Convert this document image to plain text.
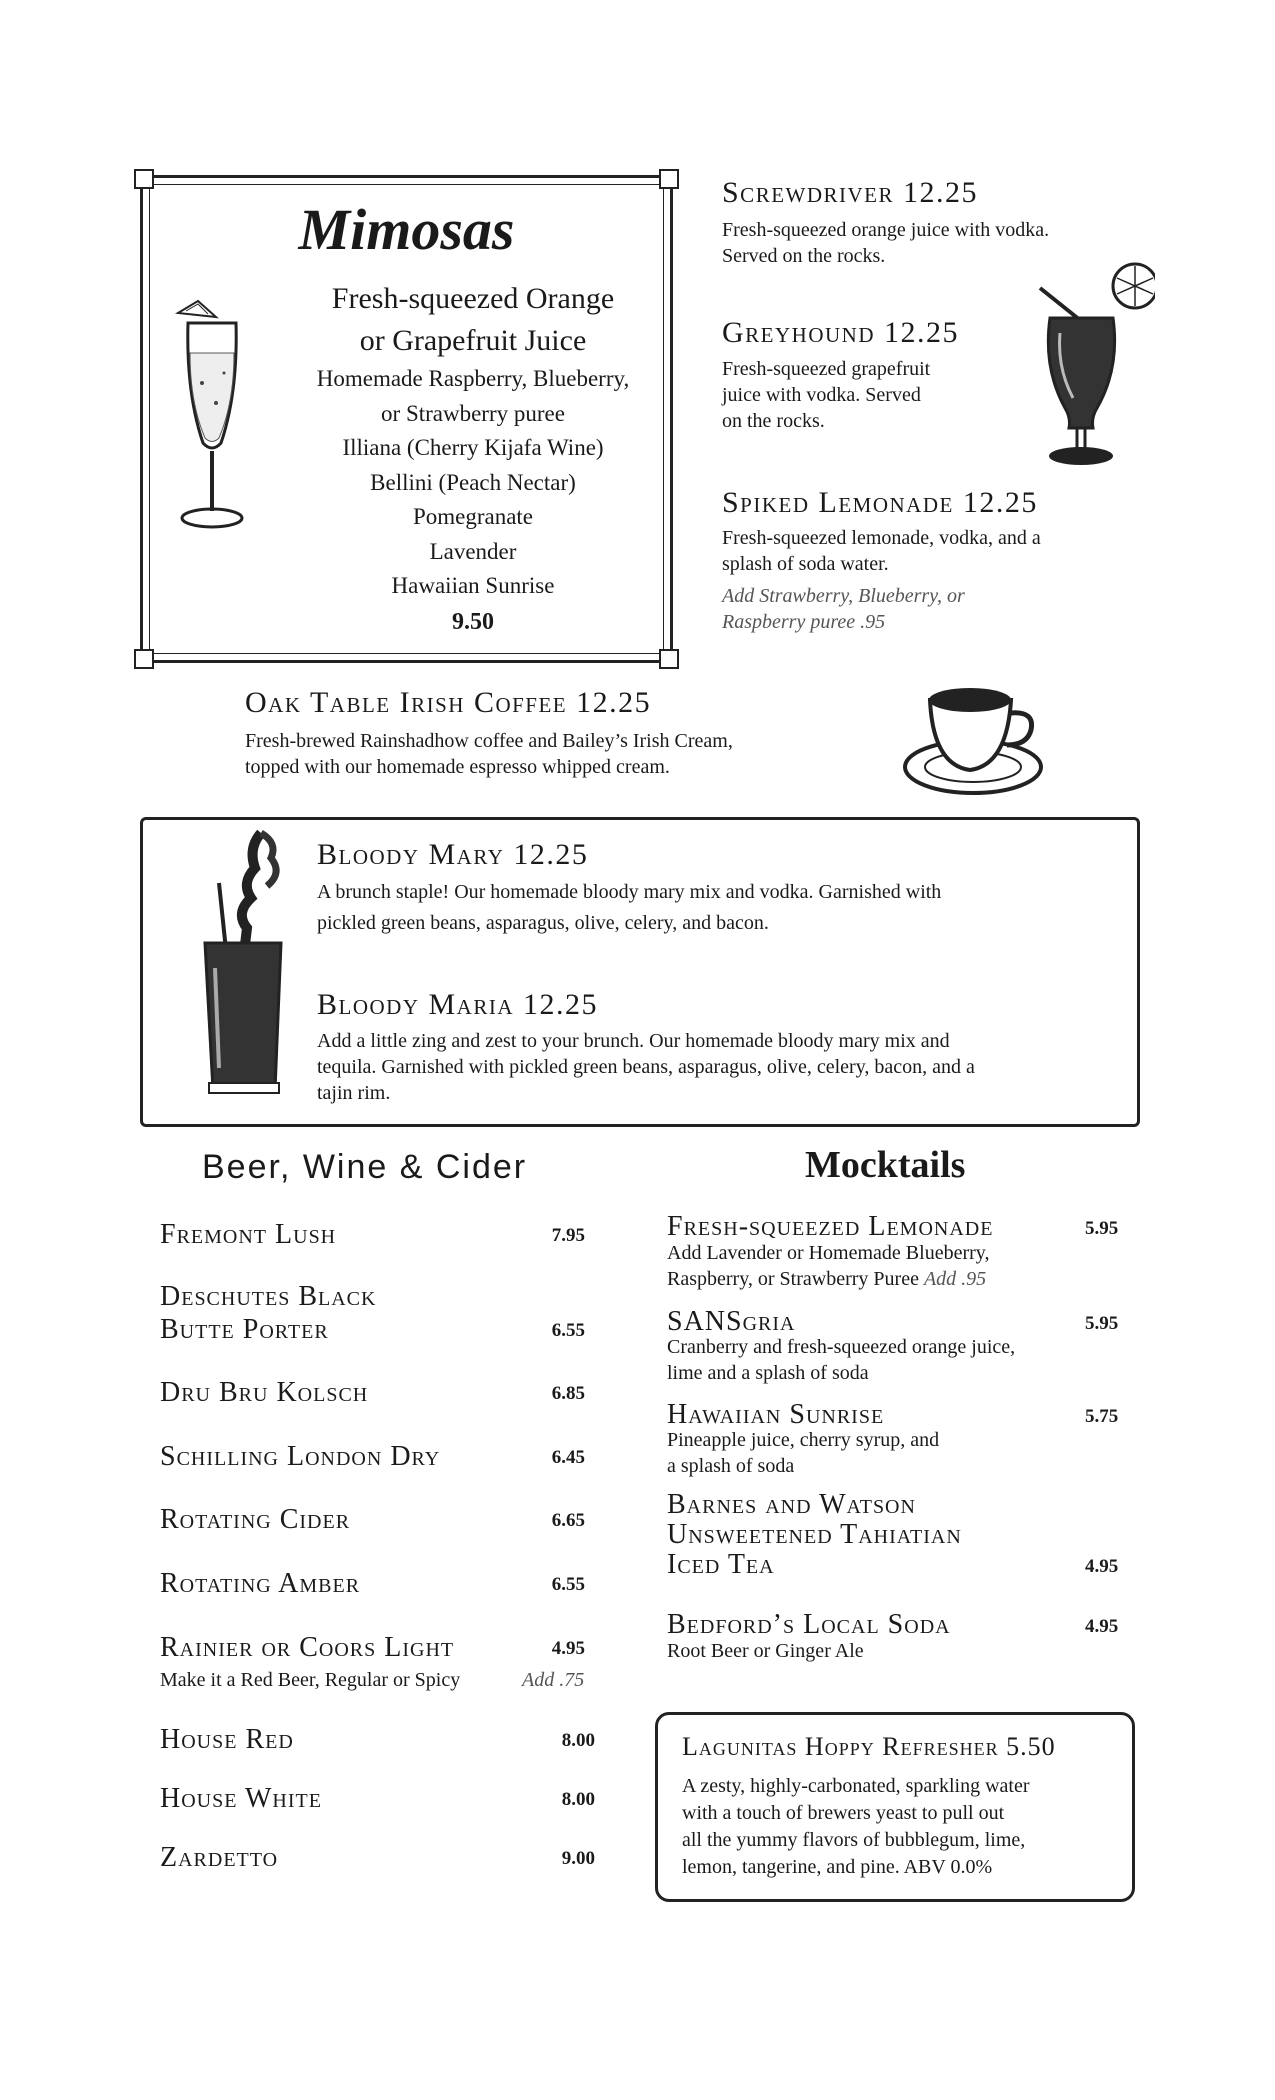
Mimosas
Fresh-squeezed Orange
or Grapefruit Juice
Homemade Raspberry, Blueberry,
or Strawberry puree
Illiana (Cherry Kijafa Wine)
Bellini (Peach Nectar)
Pomegranate
Lavender
Hawaiian Sunrise
9.50
Screwdriver 12.25
Fresh-squeezed orange juice with vodka.
Served on the rocks.
Greyhound 12.25
Fresh-squeezed grapefruit
juice with vodka. Served
on the rocks.
Spiked Lemonade 12.25
Fresh-squeezed lemonade, vodka, and a
splash of soda water.
Add Strawberry, Blueberry, or
Raspberry puree .95
Oak Table Irish Coffee 12.25
Fresh-brewed Rainshadhow coffee and Bailey’s Irish Cream,
topped with our homemade espresso whipped cream.
Bloody Mary 12.25
A brunch staple! Our homemade bloody mary mix and vodka. Garnished with
pickled green beans, asparagus, olive, celery, and bacon.
Bloody Maria 12.25
Add a little zing and zest to your brunch. Our homemade bloody mary mix and
tequila. Garnished with pickled green beans, asparagus, olive, celery, bacon, and a
tajin rim.
Beer, Wine & Cider
Fremont Lush	7.95
Deschutes Black
Butte Porter	6.55
Dru Bru Kolsch	6.85
Schilling London Dry	6.45
Rotating Cider	6.65
Rotating Amber	6.55
Rainier or Coors Light	4.95
Make it a Red Beer, Regular or Spicy	Add .75
House Red	8.00
House White	8.00
Zardetto	9.00
Mocktails
Fresh-squeezed Lemonade	5.95
Add Lavender or Homemade Blueberry,
Raspberry, or Strawberry Puree Add .95
SANSgria	5.95
Cranberry and fresh-squeezed orange juice,
lime and a splash of soda
Hawaiian Sunrise	5.75
Pineapple juice, cherry syrup, and
a splash of soda
Barnes and Watson
Unsweetened Tahiatian
Iced Tea	4.95
Bedford’s Local Soda	4.95
Root Beer or Ginger Ale
Lagunitas Hoppy Refresher 5.50
A zesty, highly-carbonated, sparkling water
with a touch of brewers yeast to pull out
all the yummy flavors of bubblegum, lime,
lemon, tangerine, and pine. ABV 0.0%
